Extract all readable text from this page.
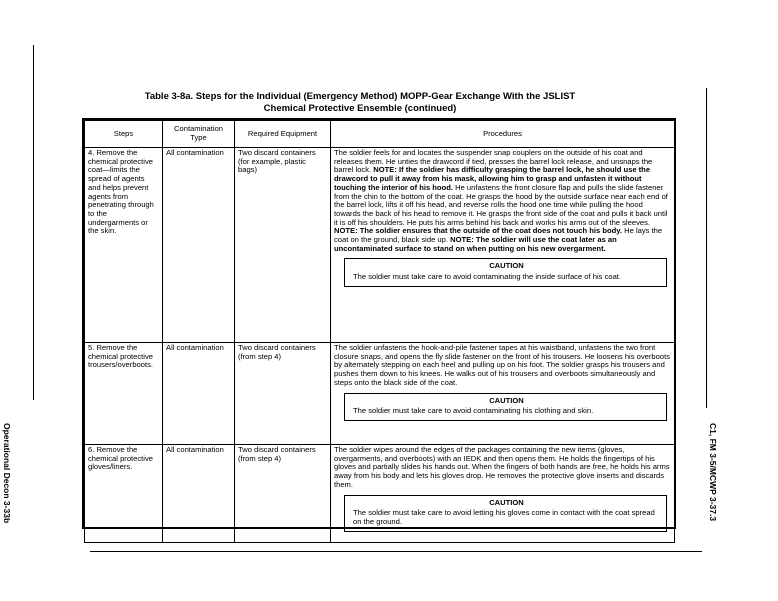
Table 3-8a. Steps for the Individual (Emergency Method) MOPP-Gear Exchange With the JSLIST
Chemical Protective Ensemble (continued)
Steps	Contamination Type	Required Equipment	Procedures
4. Remove the chemical protective coat—limits the spread of agents and helps prevent agents from penetrating through to the undergarments or the skin.	All contamination	Two discard containers (for example, plastic bags)	The soldier feels for and locates the suspender snap couplers on the outside of his coat and releases them. He unties the drawcord if tied, presses the barrel lock release, and unsnaps the barrel lock. NOTE: If the soldier has difficulty grasping the barrel lock, he should use the drawcord to pull it away from his mask, allowing him to grasp and unfasten it without touching the interior of his hood. He unfastens the front closure flap and pulls the slide fastener from the chin to the bottom of the coat. He grasps the hood by the outside surface near each end of the barrel lock, lifts it off his head, and reverse rolls the hood one time while pulling the hood towards the back of his head to remove it. He grasps the front side of the coat and pulls it back until it is off his shoulders. He puts his arms behind his back and works his arms out of the sleeves. NOTE: The soldier ensures that the outside of the coat does not touch his body. He lays the coat on the ground, black side up. NOTE: The soldier will use the coat later as an uncontaminated surface to stand on when putting on his new overgarment.
CAUTION
The soldier must take care to avoid contaminating the inside surface of his coat.

5. Remove the chemical protective trousers/overboots.	All contamination	Two discard containers (from step 4)	The soldier unfastens the hook-and-pile fastener tapes at his waistband, unfastens the two front closure snaps, and opens the fly slide fastener on the front of his trousers. He loosens his overboots by alternately stepping on each heel and pulling up on his foot. The soldier grasps his trousers and pushes them down to his knees. He walks out of his trousers and overboots simultaneously and steps onto the black side of the coat.
CAUTION
The soldier must take care to avoid contaminating his clothing and skin.

6. Remove the chemical protective gloves/liners.	All contamination	Two discard containers (from step 4)	The soldier wipes around the edges of the packages containing the new items (gloves, overgarments, and overboots) with an IEDK and then opens them. He holds the fingertips of his gloves and partially slides his hands out. When the fingers of both hands are free, he holds his arms away from his body and lets his gloves drop. He removes the protective glove inserts and discards them.
CAUTION
The soldier must take care to avoid letting his gloves come in contact with the coat spread on the ground.
Operational Decon 3-33b	C1, FM 3-5/MCWP 3-37.3
